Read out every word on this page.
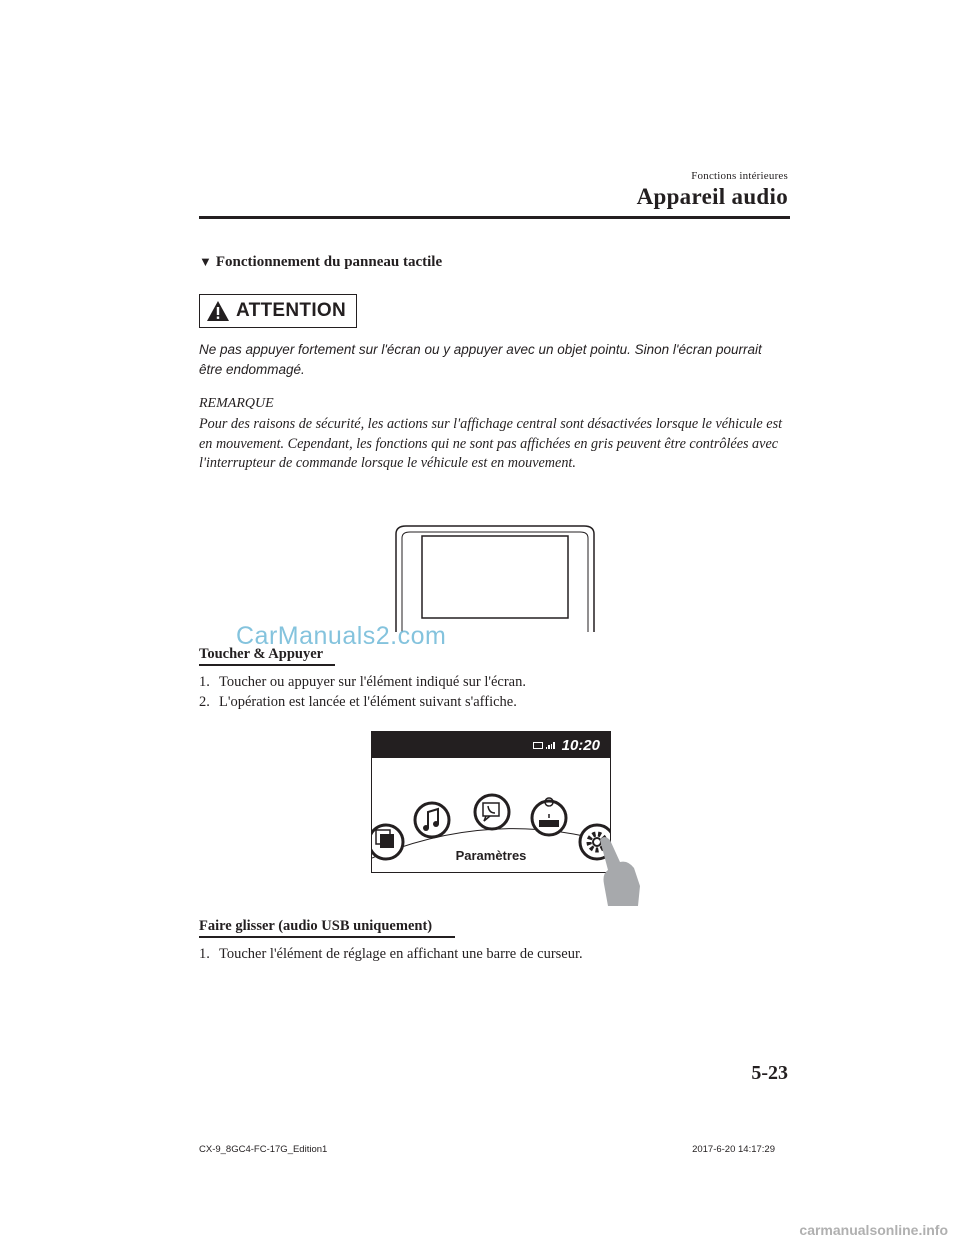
Fonctions intérieures
Appareil audio
▼ Fonctionnement du panneau tactile
ATTENTION
Ne pas appuyer fortement sur l'écran ou y appuyer avec un objet pointu. Sinon l'écran pourrait être endommagé.
REMARQUE
Pour des raisons de sécurité, les actions sur l'affichage central sont désactivées lorsque le véhicule est en mouvement. Cependant, les fonctions qui ne sont pas affichées en gris peuvent être contrôlées avec l'interrupteur de commande lorsque le véhicule est en mouvement.
CarManuals2.com
Toucher & Appuyer
1. Toucher ou appuyer sur l'élément indiqué sur l'écran.
2. L'opération est lancée et l'élément suivant s'affiche.
10:20
Paramètres
Faire glisser (audio USB uniquement)
1. Toucher l'élément de réglage en affichant une barre de curseur.
5-23
CX-9_8GC4-FC-17G_Edition1	2017-6-20 14:17:29
carmanualsonline.info
